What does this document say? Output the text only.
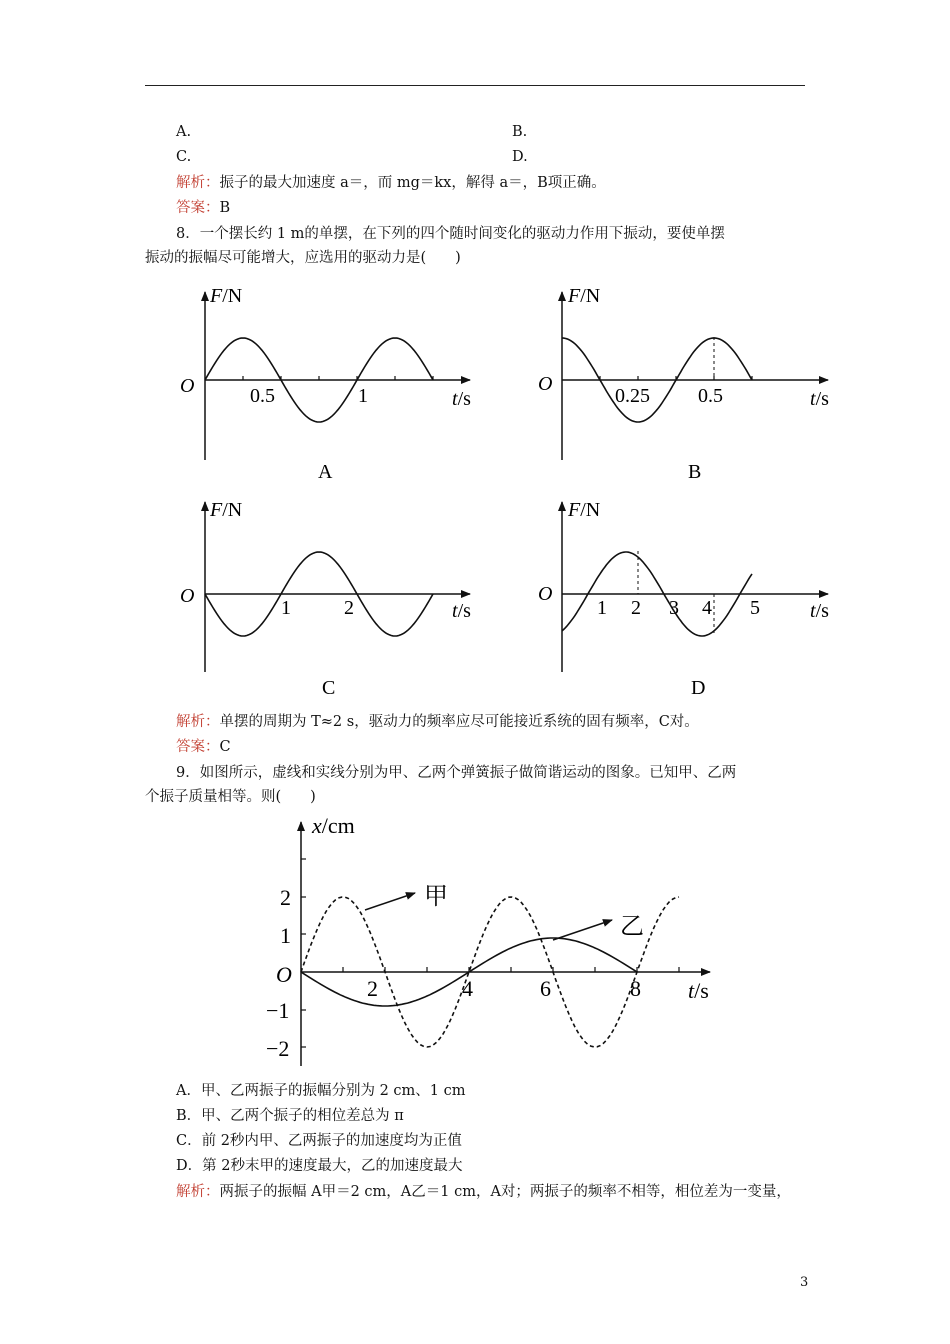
A.	B.
C.	D.
解析：振子的最大加速度 a＝，而 mg＝kx，解得 a＝，B项正确。
答案：B
8．一个摆长约 1 m的单摆，在下列的四个随时间变化的驱动力作用下振动，要使单摆
振动的振幅尽可能增大，应选用的驱动力是(　　)
F/N
O	0.5	1	t/s
A
F/N
O
0.25 0.5	t/s
B
F/N
O
1	2	t/s
C
F/N
O
1 2 3 4 5	t/s
D
x/cm
O
2
1
−1
−2
2	4	6	8 t/s
甲
乙
解析：单摆的周期为 T≈2 s，驱动力的频率应尽可能接近系统的固有频率，C对。
答案：C
9．如图所示，虚线和实线分别为甲、乙两个弹簧振子做简谐运动的图象。已知甲、乙两
个振子质量相等。则(　　)
A．甲、乙两振子的振幅分别为 2 cm、1 cm
B．甲、乙两个振子的相位差总为 π
C．前 2秒内甲、乙两振子的加速度均为正值
D．第 2秒末甲的速度最大，乙的加速度最大
解析：两振子的振幅 A甲＝2 cm，A乙＝1 cm，A对；两振子的频率不相等，相位差为一变量，
3
